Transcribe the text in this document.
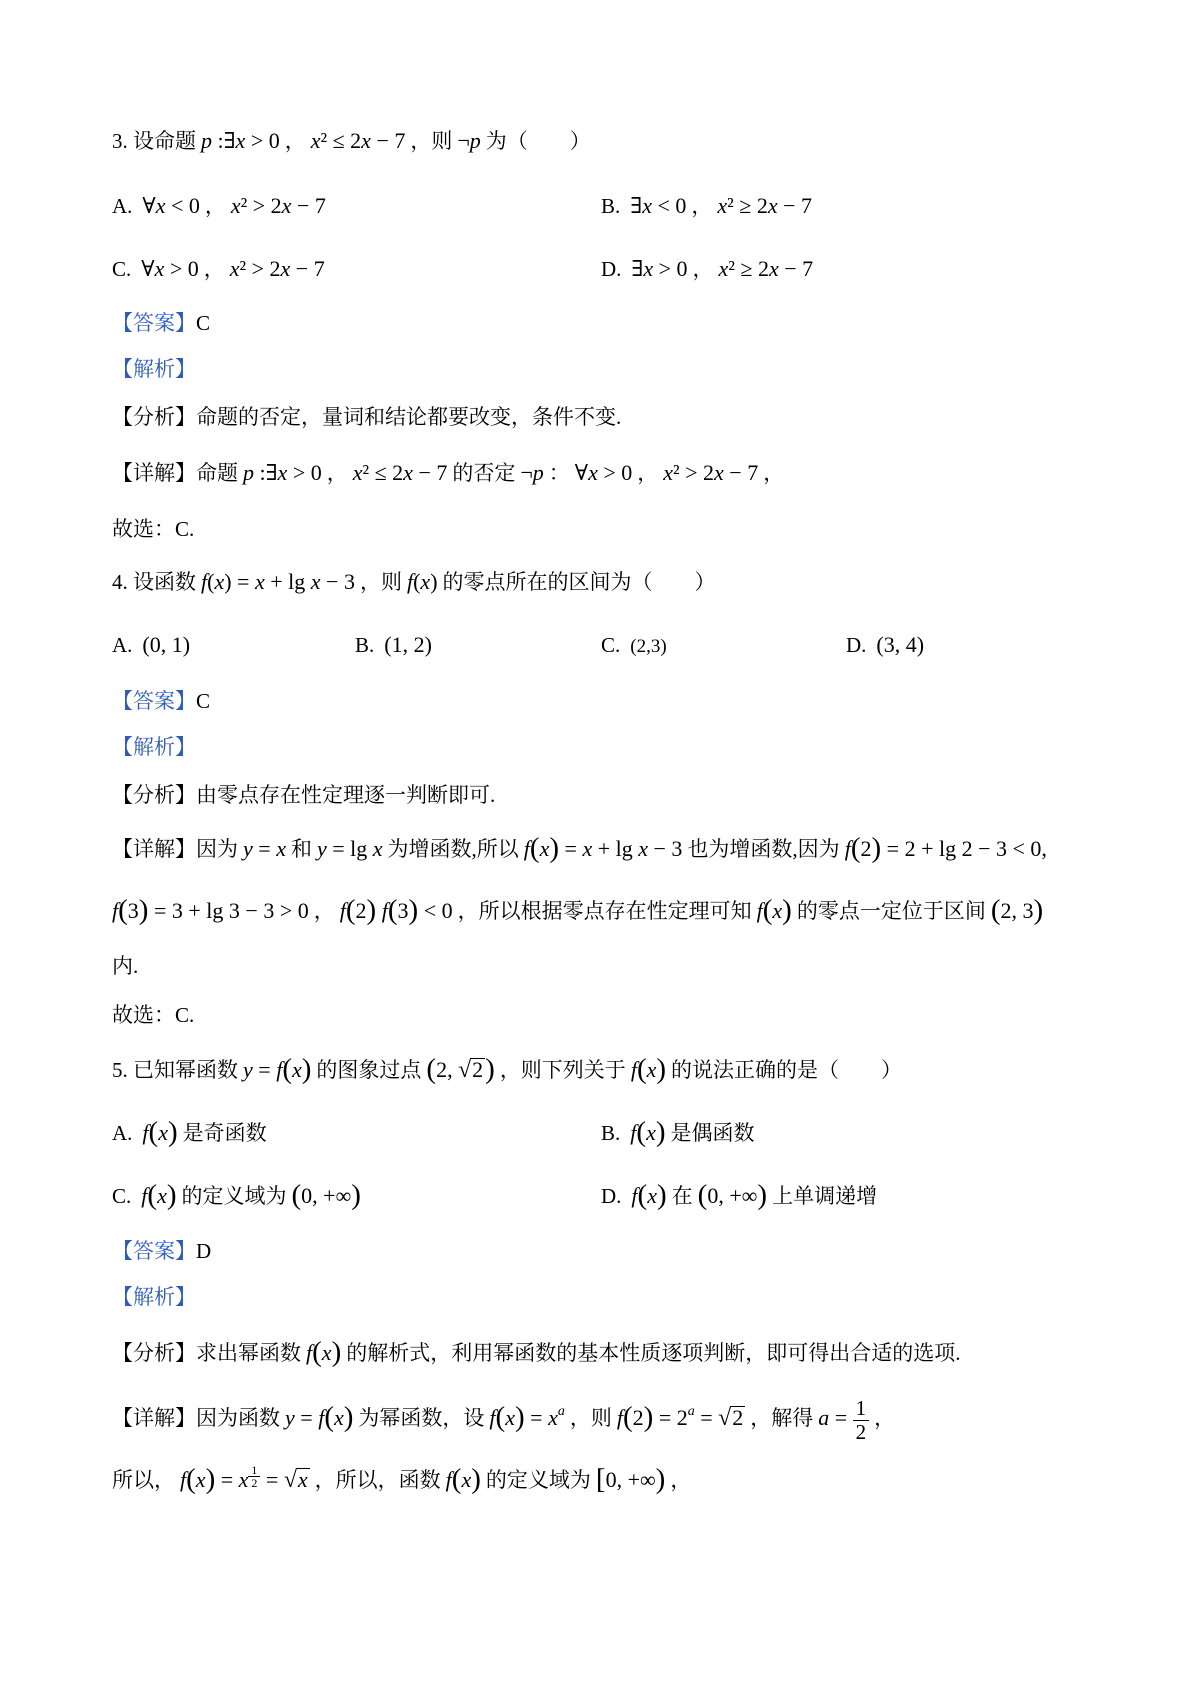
3. 设命题 p :∃x > 0 ， x² ≤ 2x − 7 ，则 ¬p 为（　　）
A. ∀x < 0 ， x² > 2x − 7	B. ∃x < 0 ， x² ≥ 2x − 7
C. ∀x > 0 ， x² > 2x − 7	D. ∃x > 0 ， x² ≥ 2x − 7
【答案】C
【解析】
【分析】命题的否定，量词和结论都要改变，条件不变.
【详解】命题 p :∃x > 0 ， x² ≤ 2x − 7 的否定 ¬p ： ∀x > 0 ， x² > 2x − 7 ，
故选：C.
4. 设函数 f(x) = x + lg x − 3 ，则 f(x) 的零点所在的区间为（　　）
A. (0, 1)	B. (1, 2)	C. (2,3)	D. (3, 4)
【答案】C
【解析】
【分析】由零点存在性定理逐一判断即可.
【详解】因为 y = x 和 y = lg x 为增函数,所以 f(x) = x + lg x − 3 也为增函数,因为 f(2) = 2 + lg 2 − 3 < 0,
f(3) = 3 + lg 3 − 3 > 0 ， f(2) f(3) < 0 ，所以根据零点存在性定理可知 f(x) 的零点一定位于区间 (2, 3)
内.
故选：C.
5. 已知幂函数 y = f(x) 的图象过点 (2, √2) ，则下列关于 f(x) 的说法正确的是（　　）
A. f(x) 是奇函数	B. f(x) 是偶函数
C. f(x) 的定义域为 (0, +∞)	D. f(x) 在 (0, +∞) 上单调递增
【答案】D
【解析】
【分析】求出幂函数 f(x) 的解析式，利用幂函数的基本性质逐项判断，即可得出合适的选项.
【详解】因为函数 y = f(x) 为幂函数，设 $f(x) = x^a$ ，则 $f(2) = 2^a = √2$ ，解得 $a = \frac{1}{2}$ ，
所以， f(x) = x $^{\frac{1}{2}}$ = √x ，所以，函数 f(x) 的定义域为 [0, +∞) ，
